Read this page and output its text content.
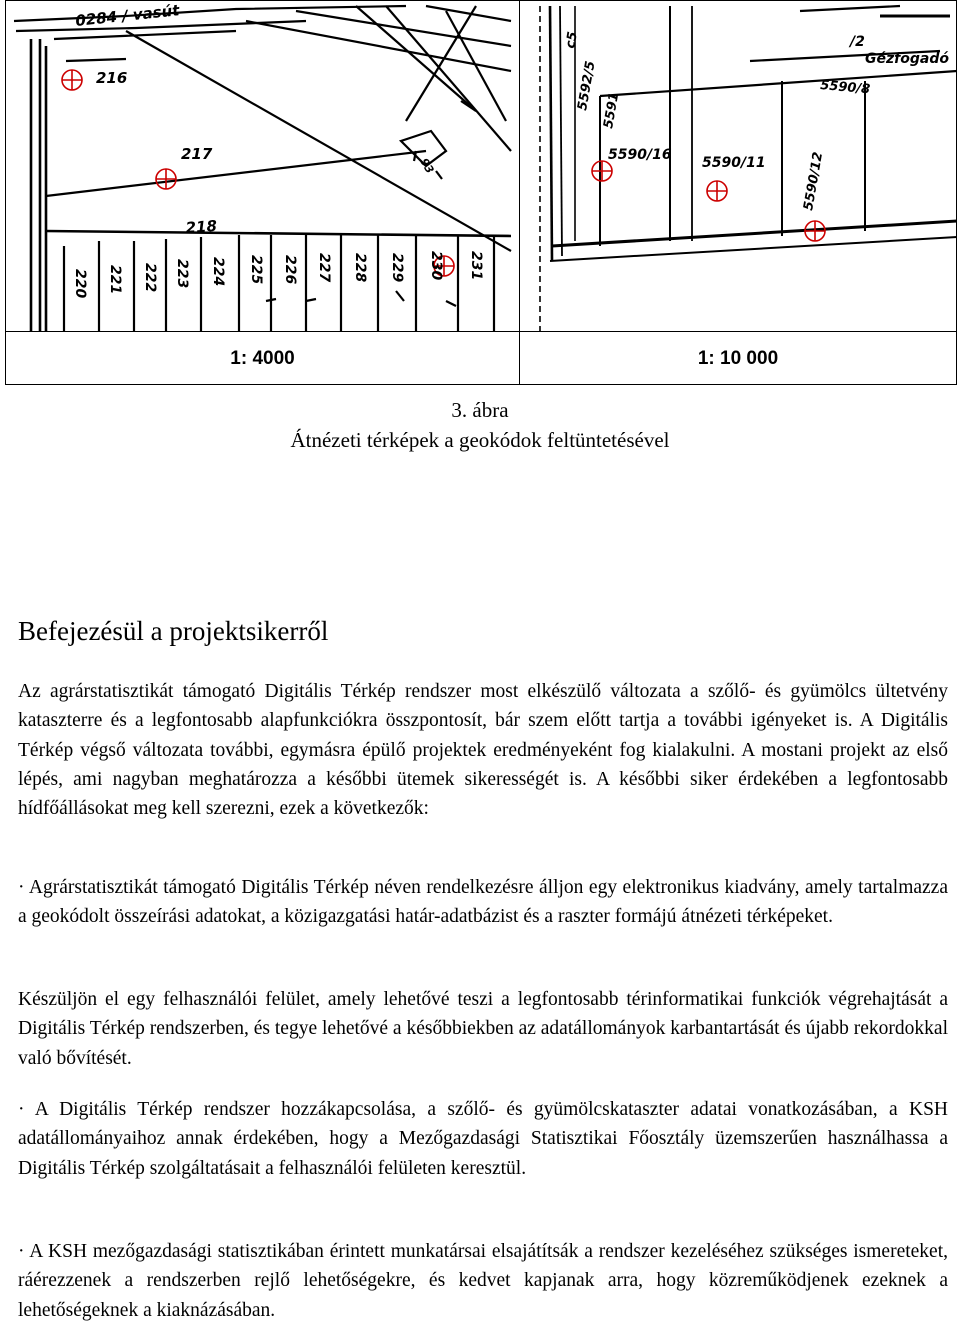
0284 / vasút
216
217
218
220 221 222 223 224 225 226 227 228 229 230 231
93
c5
5592/5 5591
5590/16 5590/11	5590/12
5590/8
Gézfogadó
/2
1: 4000	1: 10 000
3. ábra
Átnézeti térképek a geokódok feltüntetésével
Befejezésül a projektsikerről

Az agrárstatisztikát támogató Digitális Térkép rendszer most elkészülő változata a szőlő- és gyümölcs ültetvény kataszterre és a legfontosabb alapfunkciókra összpontosít, bár szem előtt tartja a további igényeket is. A Digitális Térkép végső változata további, egymásra épülő projektek eredményeként fog kialakulni. A mostani projekt az első lépés, ami nagyban meghatározza a későbbi ütemek sikerességét is. A későbbi siker érdekében a legfontosabb hídfőállásokat meg kell szerezni, ezek a következők:

· Agrárstatisztikát támogató Digitális Térkép néven rendelkezésre álljon egy elektronikus kiadvány, amely tartalmazza a geokódolt összeírási adatokat, a közigazgatási határ-adatbázist és a raszter formájú átnézeti térképeket.

Készüljön el egy felhasználói felület, amely lehetővé teszi a legfontosabb térinformatikai funkciók végrehajtását a Digitális Térkép rendszerben, és tegye lehetővé a későbbiekben az adatállományok karbantartását és újabb rekordokkal való bővítését.

· A Digitális Térkép rendszer hozzákapcsolása, a szőlő- és gyümölcskataszter adatai vonatkozásában, a KSH adatállományaihoz annak érdekében, hogy a Mezőgazdasági Statisztikai Főosztály üzemszerűen használhassa a Digitális Térkép szolgáltatásait a felhasználói felületen keresztül.

· A KSH mezőgazdasági statisztikában érintett munkatársai elsajátítsák a rendszer kezeléséhez szükséges ismereteket, ráérezzenek a rendszerben rejlő lehetőségekre, és kedvet kapjanak arra, hogy közreműködjenek ezeknek a lehetőségeknek a kiaknázásában.
